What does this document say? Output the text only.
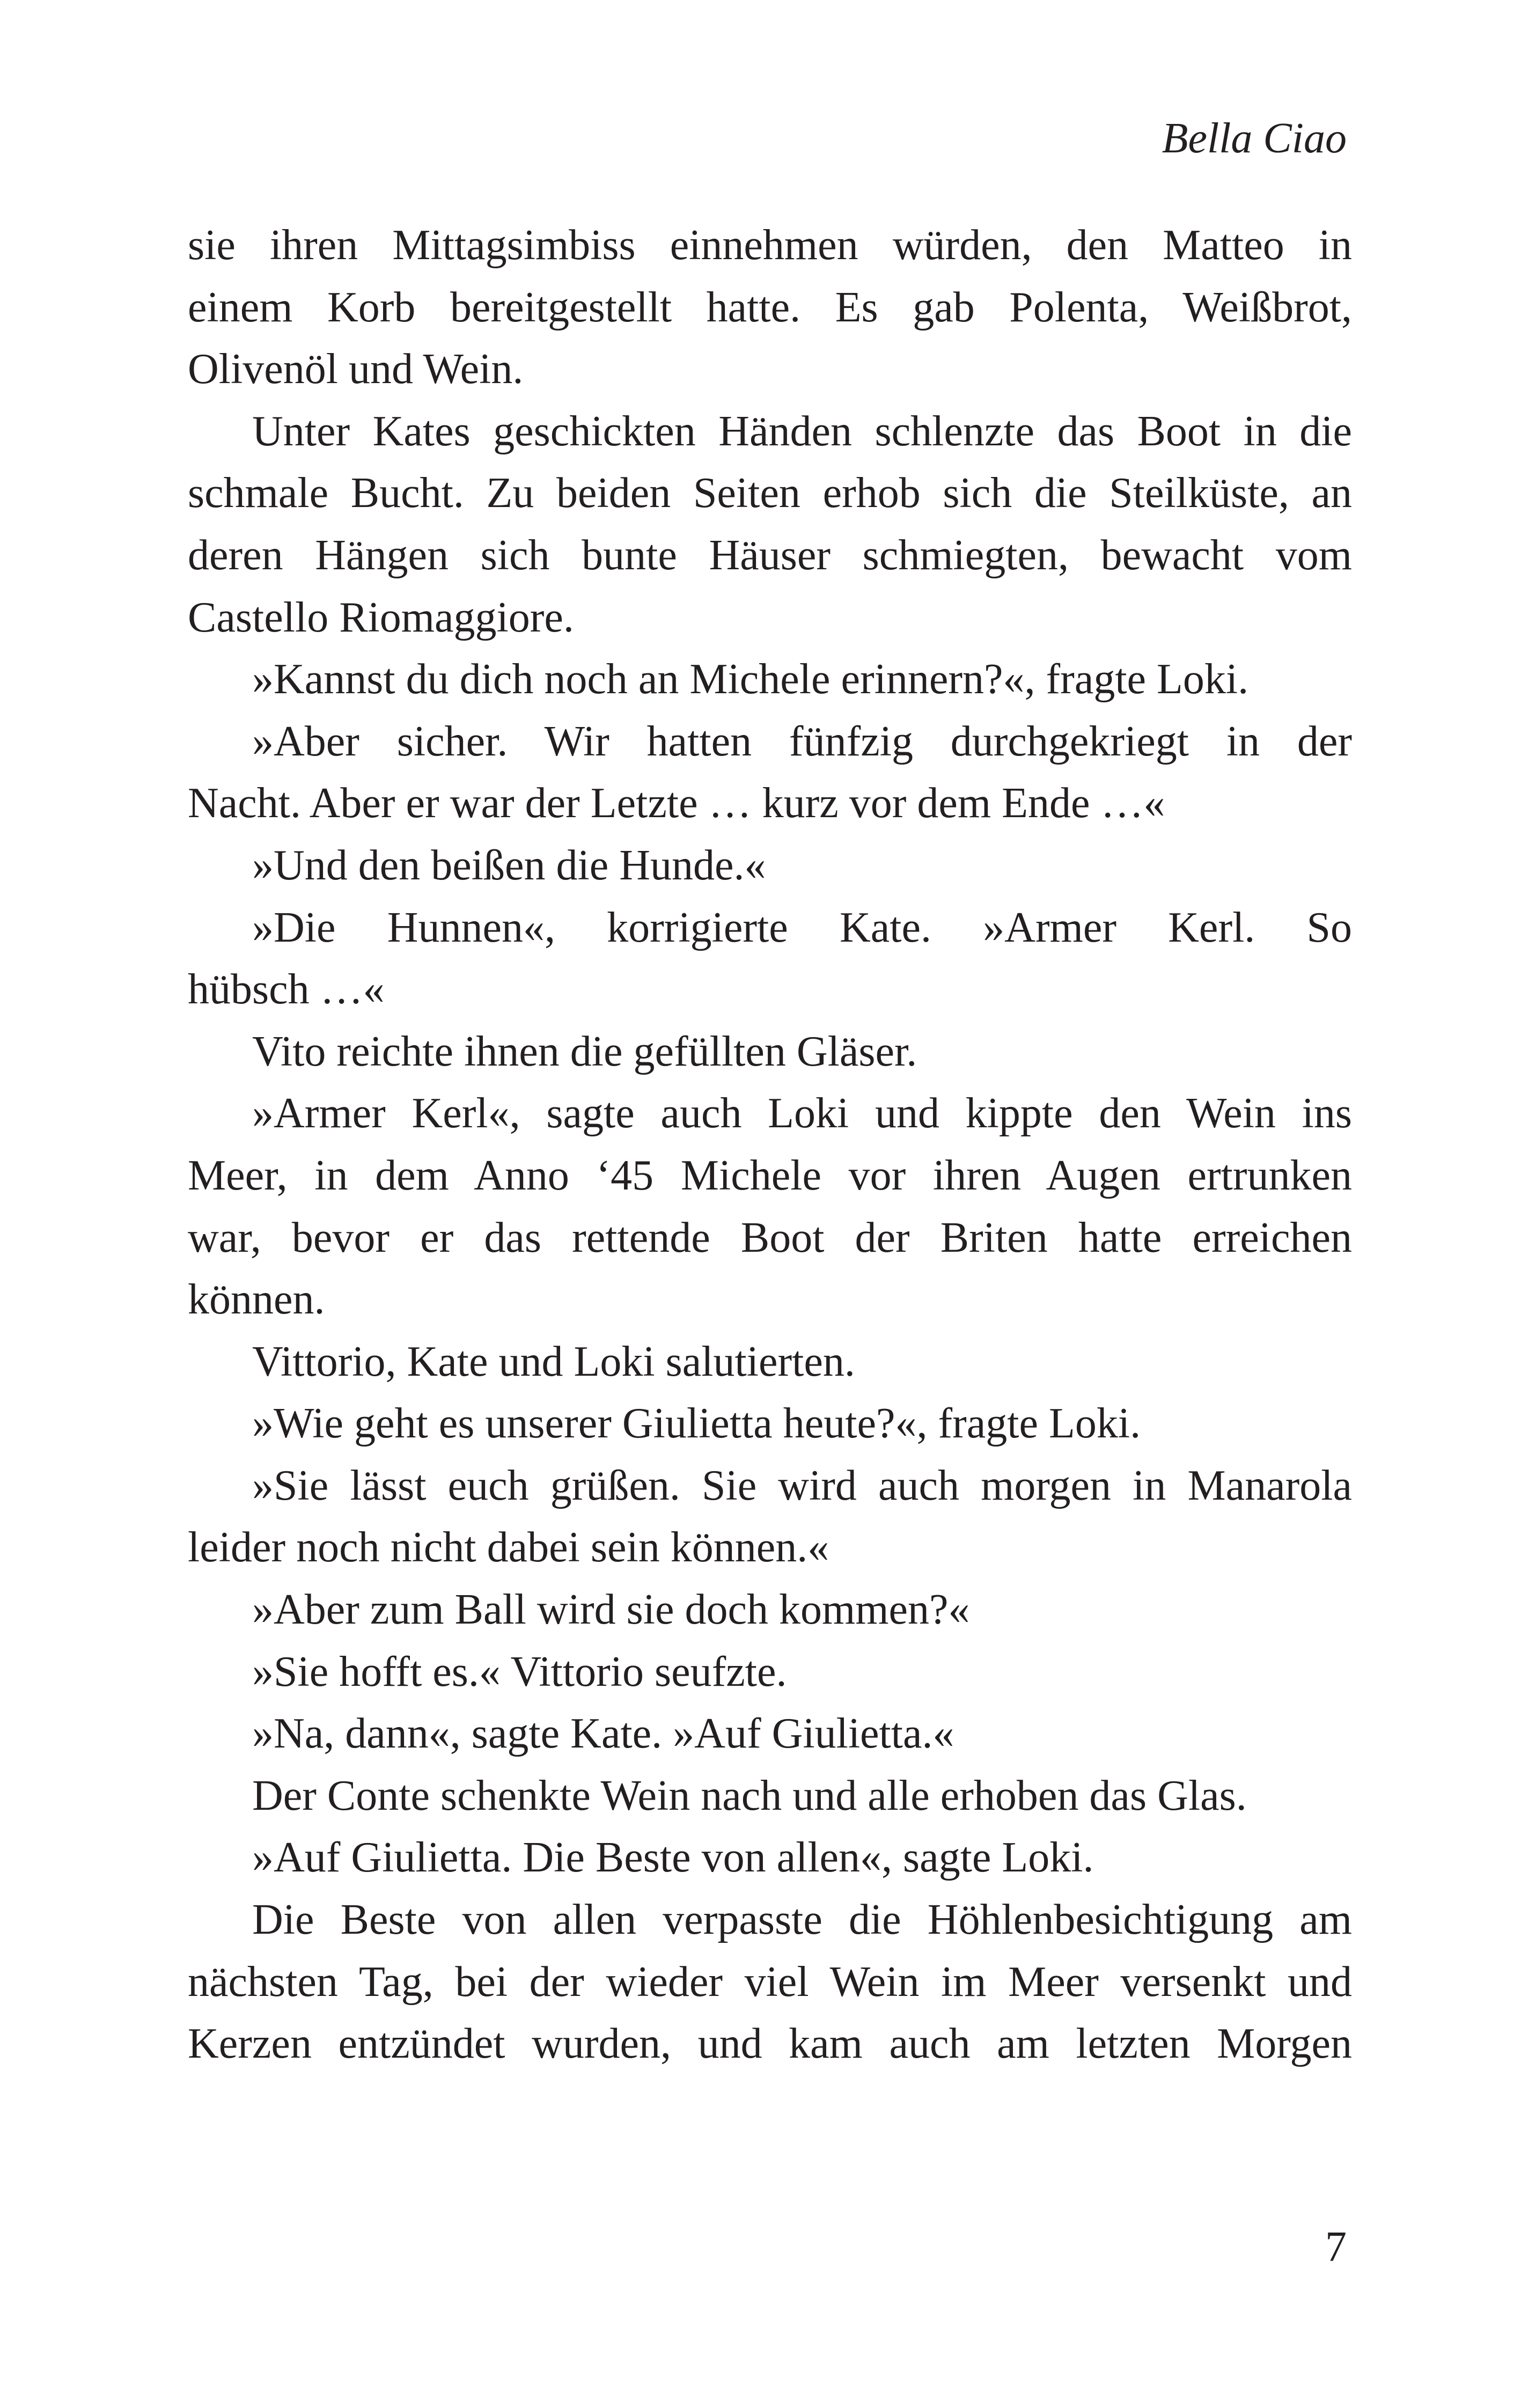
Bella Ciao
sie ihren Mittagsimbiss einnehmen würden, den Matteo in
einem Korb bereitgestellt hatte. Es gab Polenta, Weißbrot,
Olivenöl und Wein.
Unter Kates geschickten Händen schlenzte das Boot in die
schmale Bucht. Zu beiden Seiten erhob sich die Steilküste, an
deren Hängen sich bunte Häuser schmiegten, bewacht vom
Castello Riomaggiore.
»Kannst du dich noch an Michele erinnern?«, fragte Loki.
»Aber sicher. Wir hatten fünfzig durchgekriegt in der
Nacht. Aber er war der Letzte … kurz vor dem Ende …«
»Und den beißen die Hunde.«
»Die Hunnen«, korrigierte Kate. »Armer Kerl. So
hübsch …«
Vito reichte ihnen die gefüllten Gläser.
»Armer Kerl«, sagte auch Loki und kippte den Wein ins
Meer, in dem Anno ‘45 Michele vor ihren Augen ertrunken
war, bevor er das rettende Boot der Briten hatte erreichen
können.
Vittorio, Kate und Loki salutierten.
»Wie geht es unserer Giulietta heute?«, fragte Loki.
»Sie lässt euch grüßen. Sie wird auch morgen in Manarola
leider noch nicht dabei sein können.«
»Aber zum Ball wird sie doch kommen?«
»Sie hofft es.« Vittorio seufzte.
»Na, dann«, sagte Kate. »Auf Giulietta.«
Der Conte schenkte Wein nach und alle erhoben das Glas.
»Auf Giulietta. Die Beste von allen«, sagte Loki.
Die Beste von allen verpasste die Höhlenbesichtigung am
nächsten Tag, bei der wieder viel Wein im Meer versenkt und
Kerzen entzündet wurden, und kam auch am letzten Morgen
7
